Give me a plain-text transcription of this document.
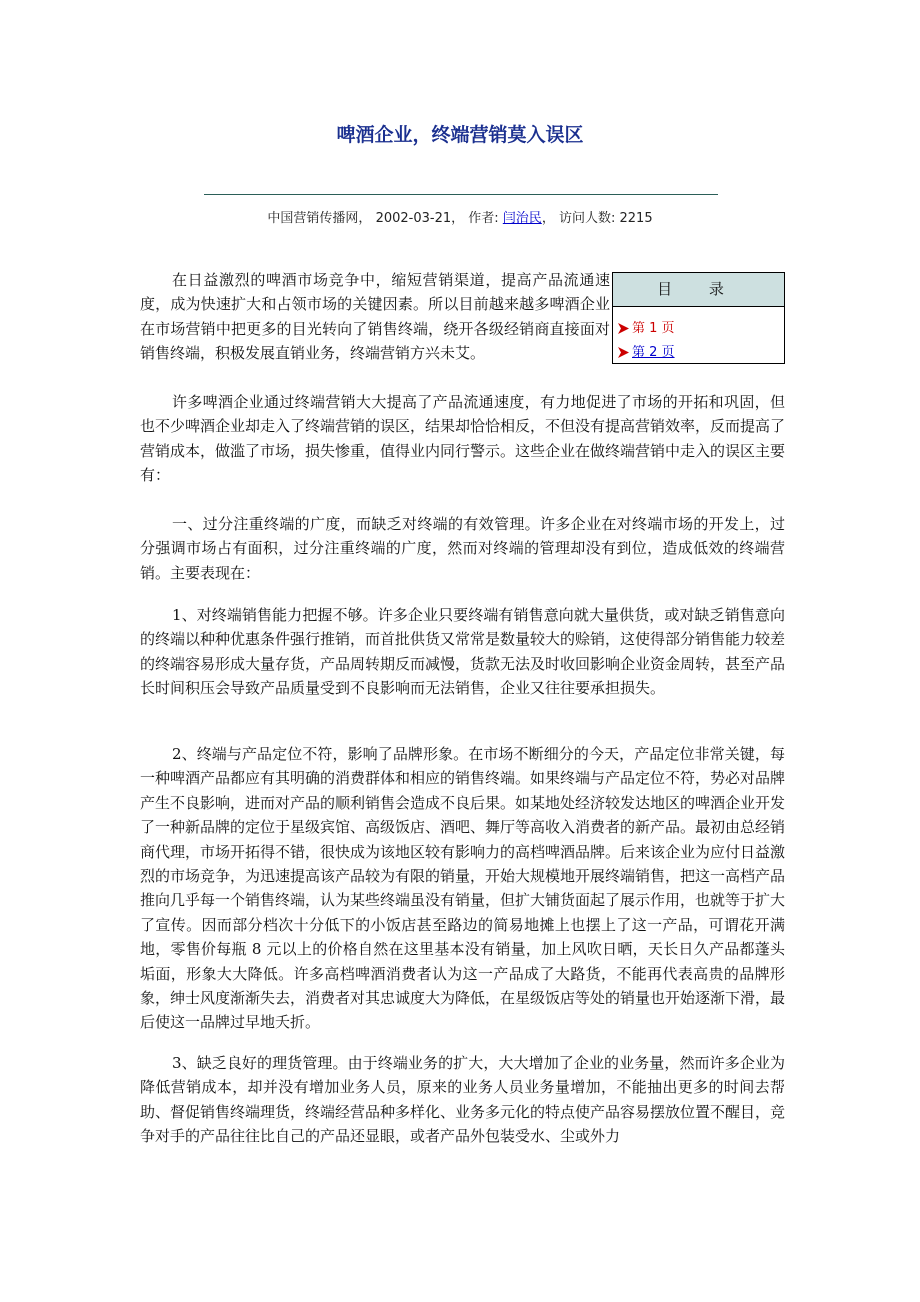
啤酒企业，终端营销莫入误区
中国营销传播网， 2002-03-21， 作者: 闫治民， 访问人数: 2215
目 录
第 1 页
第 2 页

在日益激烈的啤酒市场竞争中，缩短营销渠道，提高产品流通速度，成为快速扩大和占领市场的关键因素。所以目前越来越多啤酒企业在市场营销中把更多的目光转向了销售终端，绕开各级经销商直接面对销售终端，积极发展直销业务，终端营销方兴未艾。

许多啤酒企业通过终端营销大大提高了产品流通速度，有力地促进了市场的开拓和巩固，但也不少啤酒企业却走入了终端营销的误区，结果却恰恰相反，不但没有提高营销效率，反而提高了营销成本，做滥了市场，损失惨重，值得业内同行警示。这些企业在做终端营销中走入的误区主要有：

一、过分注重终端的广度，而缺乏对终端的有效管理。许多企业在对终端市场的开发上，过分强调市场占有面积，过分注重终端的广度，然而对终端的管理却没有到位，造成低效的终端营销。主要表现在：

1、对终端销售能力把握不够。许多企业只要终端有销售意向就大量供货，或对缺乏销售意向的终端以种种优惠条件强行推销，而首批供货又常常是数量较大的赊销，这使得部分销售能力较差的终端容易形成大量存货，产品周转期反而减慢，货款无法及时收回影响企业资金周转，甚至产品长时间积压会导致产品质量受到不良影响而无法销售，企业又往往要承担损失。

2、终端与产品定位不符，影响了品牌形象。在市场不断细分的今天，产品定位非常关键，每一种啤酒产品都应有其明确的消费群体和相应的销售终端。如果终端与产品定位不符，势必对品牌产生不良影响，进而对产品的顺利销售会造成不良后果。如某地处经济较发达地区的啤酒企业开发了一种新品牌的定位于星级宾馆、高级饭店、酒吧、舞厅等高收入消费者的新产品。最初由总经销商代理，市场开拓得不错，很快成为该地区较有影响力的高档啤酒品牌。后来该企业为应付日益激烈的市场竞争，为迅速提高该产品较为有限的销量，开始大规模地开展终端销售，把这一高档产品推向几乎每一个销售终端，认为某些终端虽没有销量，但扩大铺货面起了展示作用，也就等于扩大了宣传。因而部分档次十分低下的小饭店甚至路边的简易地摊上也摆上了这一产品，可谓花开满地，零售价每瓶 8 元以上的价格自然在这里基本没有销量，加上风吹日晒，天长日久产品都蓬头垢面，形象大大降低。许多高档啤酒消费者认为这一产品成了大路货，不能再代表高贵的品牌形象，绅士风度渐渐失去，消费者对其忠诚度大为降低，在星级饭店等处的销量也开始逐渐下滑，最后使这一品牌过早地夭折。

3、缺乏良好的理货管理。由于终端业务的扩大，大大增加了企业的业务量，然而许多企业为降低营销成本，却并没有增加业务人员，原来的业务人员业务量增加，不能抽出更多的时间去帮助、督促销售终端理货，终端经营品种多样化、业务多元化的特点使产品容易摆放位置不醒目，竞争对手的产品往往比自己的产品还显眼，或者产品外包装受水、尘或外力
